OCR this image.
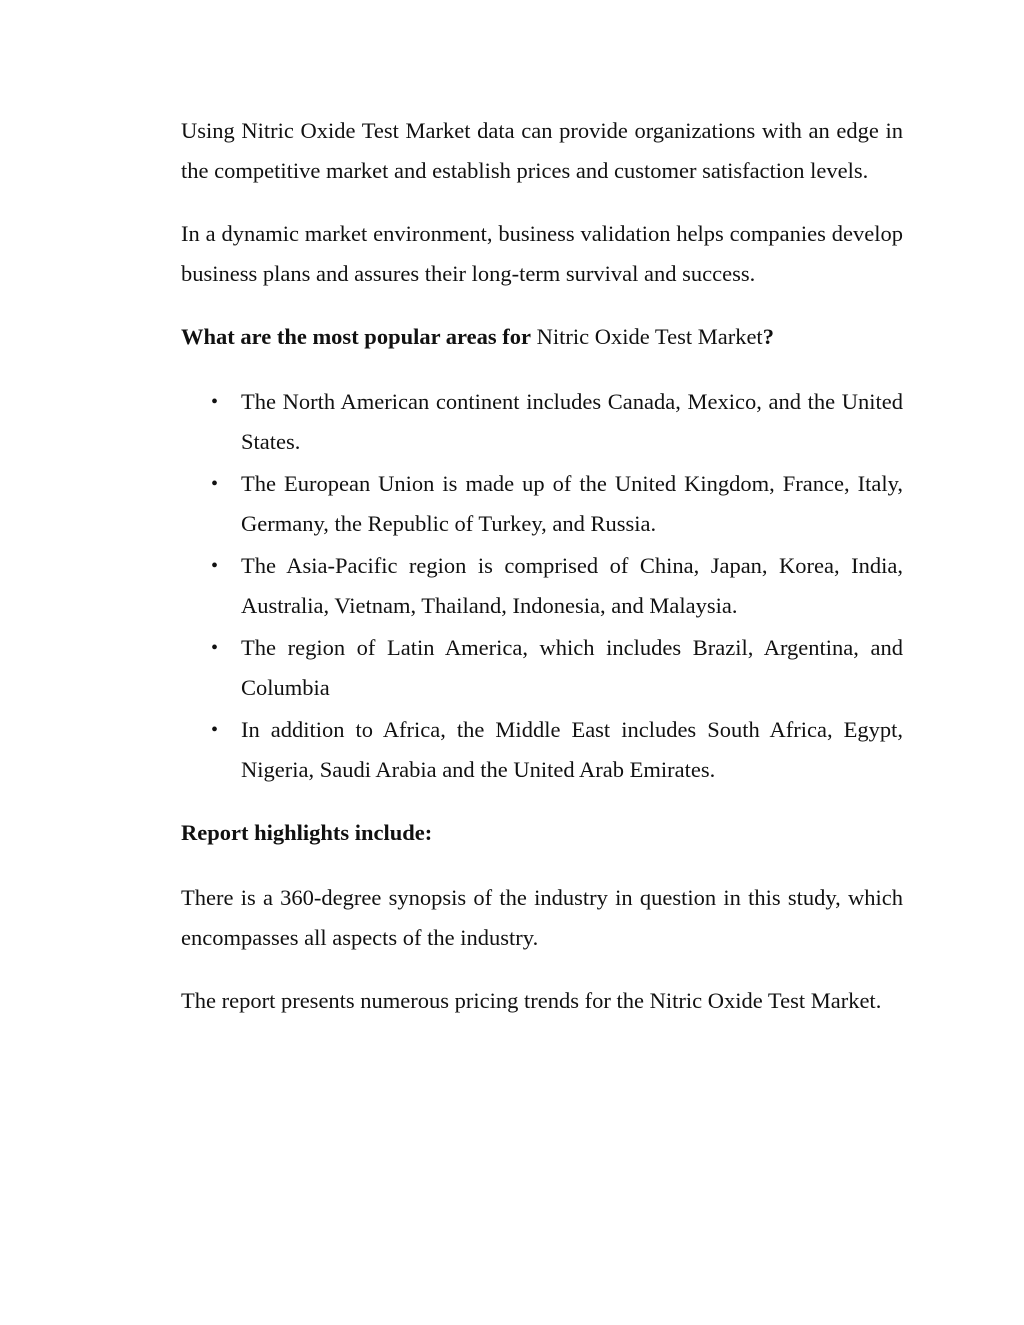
Using Nitric Oxide Test Market data can provide organizations with an edge in the competitive market and establish prices and customer satisfaction levels.

In a dynamic market environment, business validation helps companies develop business plans and assures their long-term survival and success.

What are the most popular areas for Nitric Oxide Test Market?

• The North American continent includes Canada, Mexico, and the United States.
• The European Union is made up of the United Kingdom, France, Italy, Germany, the Republic of Turkey, and Russia.
• The Asia-Pacific region is comprised of China, Japan, Korea, India, Australia, Vietnam, Thailand, Indonesia, and Malaysia.
• The region of Latin America, which includes Brazil, Argentina, and Columbia
• In addition to Africa, the Middle East includes South Africa, Egypt, Nigeria, Saudi Arabia and the United Arab Emirates.

Report highlights include:

There is a 360-degree synopsis of the industry in question in this study, which encompasses all aspects of the industry.

The report presents numerous pricing trends for the Nitric Oxide Test Market.
